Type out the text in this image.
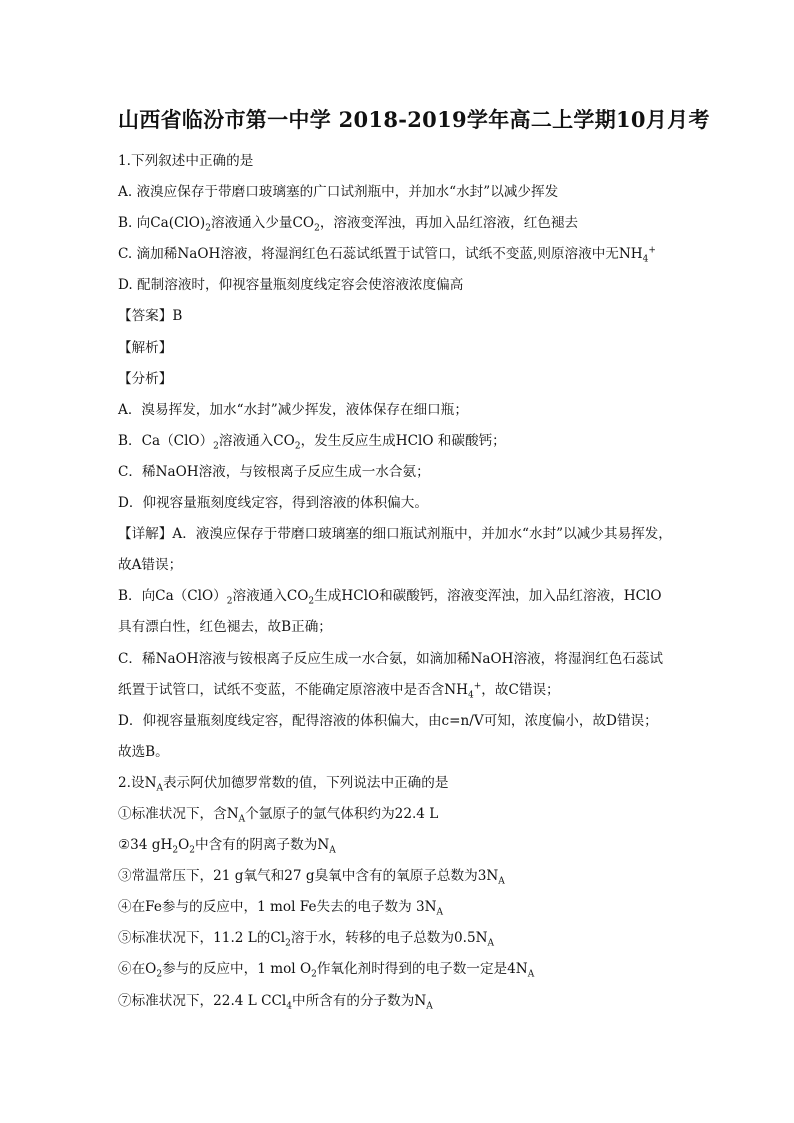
山西省临汾市第一中学 2018-2019学年高二上学期10月月考
1.下列叙述中正确的是
A. 液溴应保存于带磨口玻璃塞的广口试剂瓶中，并加水“水封”以减少挥发
B. 向$Ca(ClO)_2$溶液通入少量$CO_2$，溶液变浑浊，再加入品红溶液，红色褪去
C. 滴加稀NaOH溶液，将湿润红色石蕊试纸置于试管口，试纸不变蓝,则原溶液中无$NH_4^+$
D. 配制溶液时，仰视容量瓶刻度线定容会使溶液浓度偏高
【答案】B
【解析】
【分析】
A．溴易挥发，加水“水封”减少挥发，液体保存在细口瓶；
B．$Ca(ClO)_2$溶液通入$CO_2$，发生反应生成HClO 和碳酸钙；
C．稀NaOH溶液，与铵根离子反应生成一水合氨；
D．仰视容量瓶刻度线定容，得到溶液的体积偏大。
【详解】A．液溴应保存于带磨口玻璃塞的细口瓶试剂瓶中，并加水“水封”以减少其易挥发，
故A错误；
B．向$Ca(ClO)_2$溶液通入$CO_2$生成HClO和碳酸钙，溶液变浑浊，加入品红溶液，HClO
具有漂白性，红色褪去，故B正确；
C．稀NaOH溶液与铵根离子反应生成一水合氨，如滴加稀NaOH溶液，将湿润红色石蕊试
纸置于试管口，试纸不变蓝，不能确定原溶液中是否含$NH_4^+$，故C错误；
D．仰视容量瓶刻度线定容，配得溶液的体积偏大，由c=n/V可知，浓度偏小，故D错误；
故选B。
2.设$N_A$表示阿伏加德罗常数的值，下列说法中正确的是
①标准状况下，含$N_A$个氩原子的氩气体积约为22.4 L
②34 $gH_2O_2$中含有的阴离子数为$N_A$
③常温常压下，21 g氧气和27 g臭氧中含有的氧原子总数为$3N_A$
④在Fe参与的反应中，1 mol Fe失去的电子数为 $3N_A$
⑤标准状况下，11.2 L的$Cl_2$溶于水，转移的电子总数为$0.5N_A$
⑥在$O_2$参与的反应中，1 mol $O_2$作氧化剂时得到的电子数一定是$4N_A$
⑦标准状况下，22.4 L CCl$_4$中所含有的分子数为$N_A$
